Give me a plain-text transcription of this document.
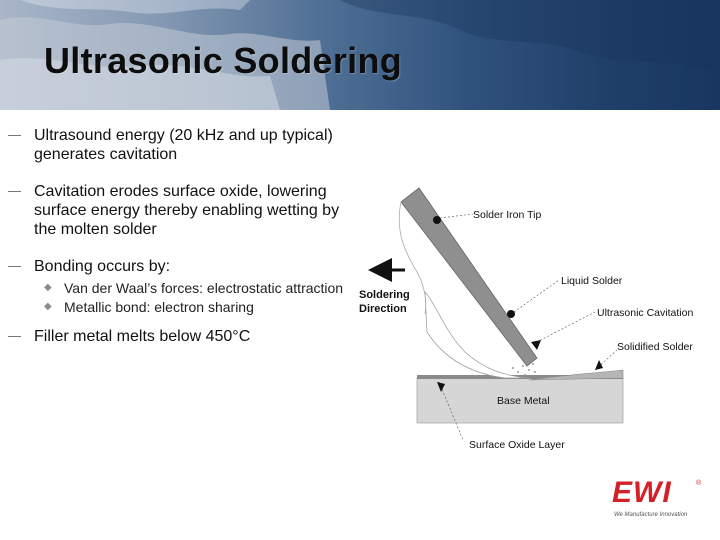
Ultrasonic Soldering
Ultrasound energy (20 kHz and up typical) generates cavitation
Cavitation erodes surface oxide, lowering surface energy thereby enabling wetting by the molten solder
Bonding occurs by:
◆ Van der Waal’s forces: electrostatic attraction
◆ Metallic bond: electron sharing
Filler metal melts below 450°C
Solder Iron Tip
Liquid Solder
Ultrasonic Cavitation
Solidified Solder
Soldering
Direction
Base Metal
Surface Oxide Layer
EWI	®
We Manufacture Innovation
